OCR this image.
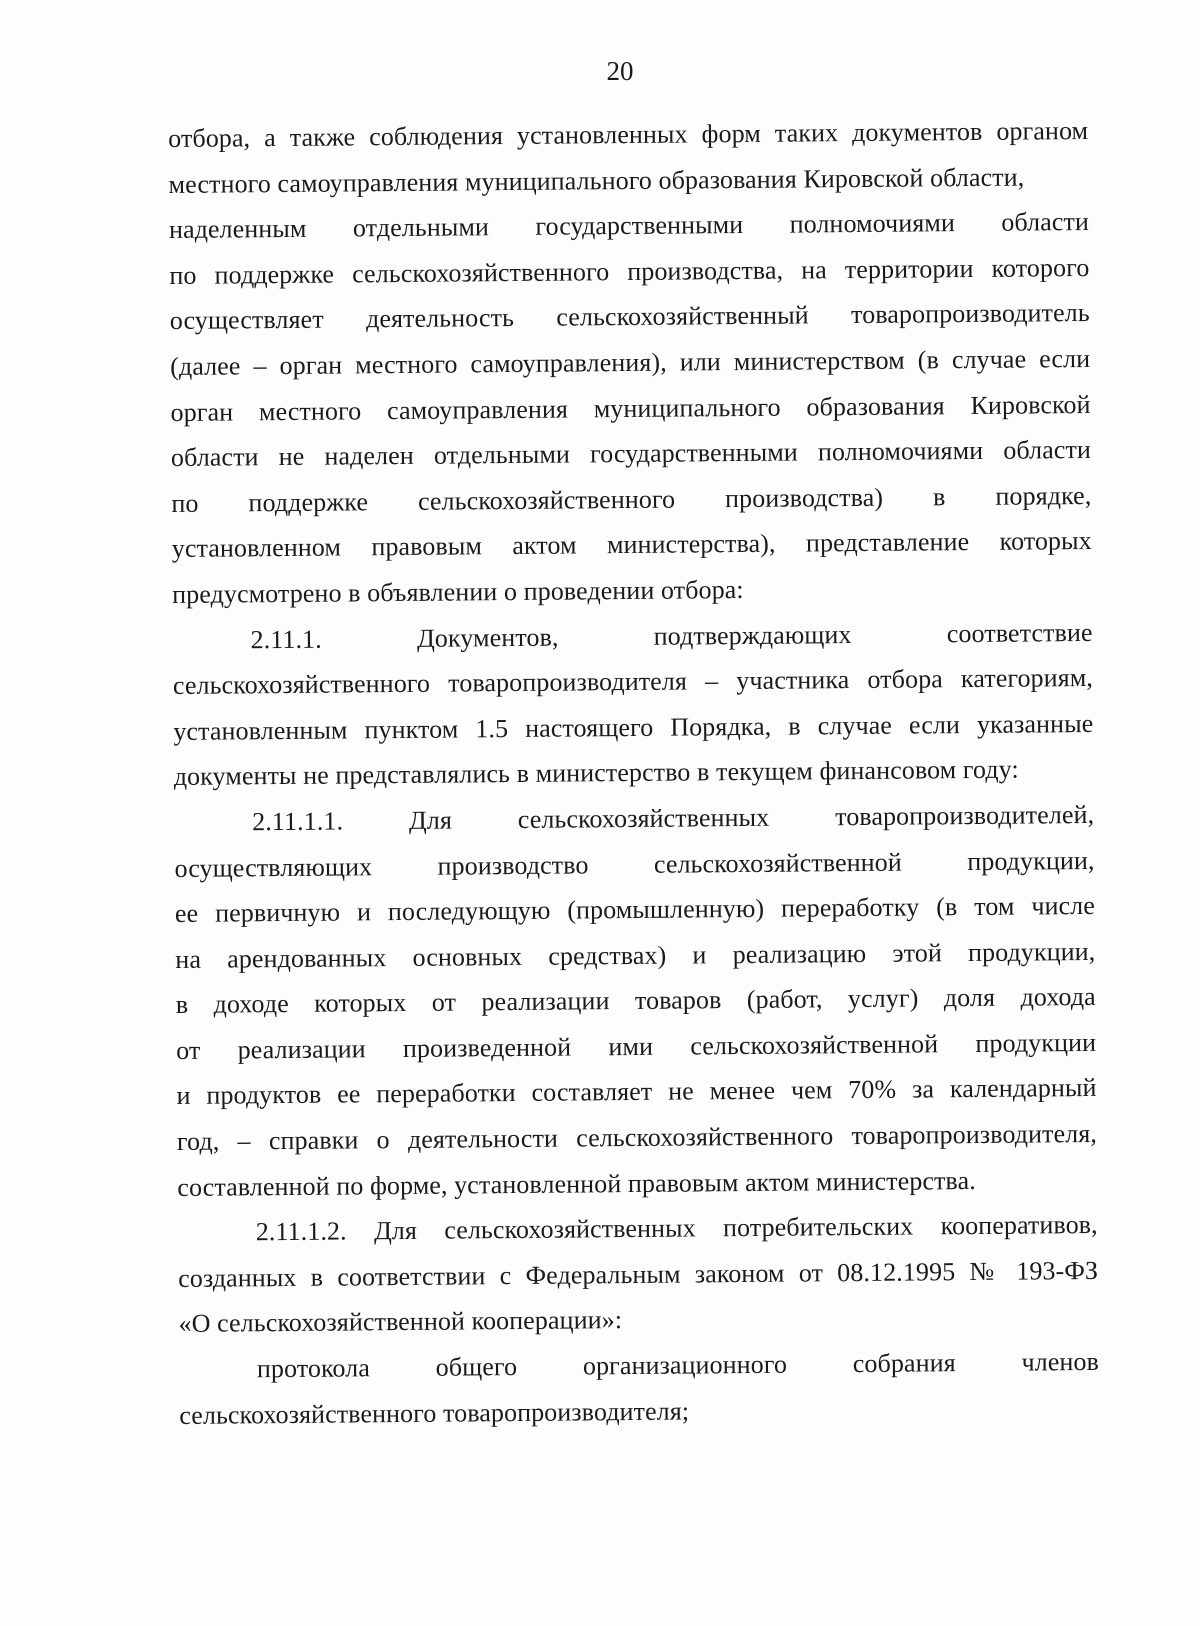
20
отбора, а также соблюдения установленных форм таких документов органом
местного самоуправления муниципального образования Кировской области,
наделенным отдельными государственными полномочиями области
по поддержке сельскохозяйственного производства, на территории которого
осуществляет деятельность сельскохозяйственный товаропроизводитель
(далее – орган местного самоуправления), или министерством (в случае если
орган местного самоуправления муниципального образования Кировской
области не наделен отдельными государственными полномочиями области
по поддержке сельскохозяйственного производства) в порядке,
установленном правовым актом министерства), представление которых
предусмотрено в объявлении о проведении отбора:
2.11.1. Документов, подтверждающих соответствие
сельскохозяйственного товаропроизводителя – участника отбора категориям,
установленным пунктом 1.5 настоящего Порядка, в случае если указанные
документы не представлялись в министерство в текущем финансовом году:
2.11.1.1. Для сельскохозяйственных товаропроизводителей,
осуществляющих производство сельскохозяйственной продукции,
ее первичную и последующую (промышленную) переработку (в том числе
на арендованных основных средствах) и реализацию этой продукции,
в доходе которых от реализации товаров (работ, услуг) доля дохода
от реализации произведенной ими сельскохозяйственной продукции
и продуктов ее переработки составляет не менее чем 70% за календарный
год, – справки о деятельности сельскохозяйственного товаропроизводителя,
составленной по форме, установленной правовым актом министерства.
2.11.1.2. Для сельскохозяйственных потребительских кооперативов,
созданных в соответствии с Федеральным законом от 08.12.1995 № 193-ФЗ
«О сельскохозяйственной кооперации»:
протокола общего организационного собрания членов
сельскохозяйственного товаропроизводителя;
